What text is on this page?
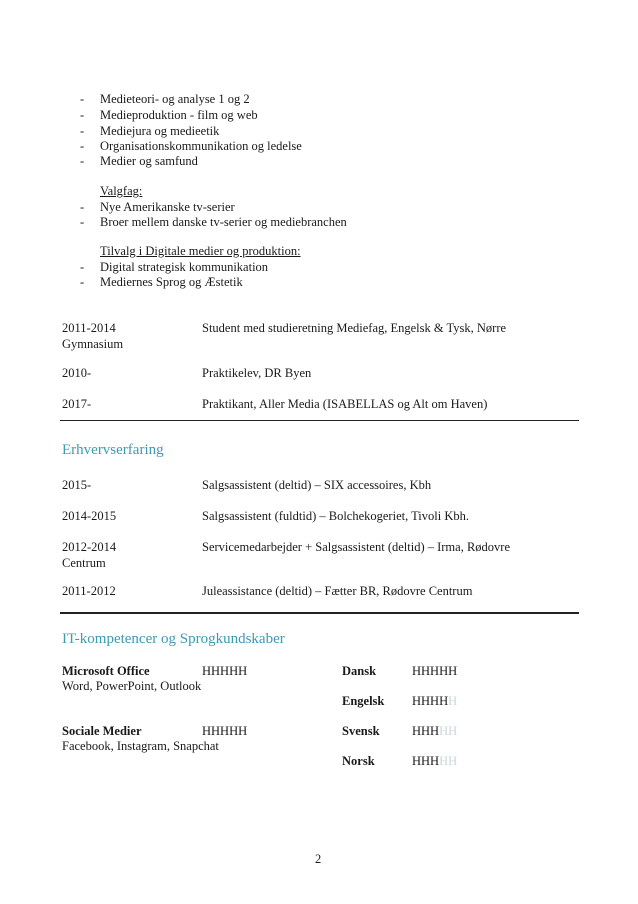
- Medieteori- og analyse 1 og 2
- Medieproduktion - film og web
- Mediejura og medieetik
- Organisationskommunikation og ledelse
- Medier og samfund
Valgfag:
- Nye Amerikanske tv-serier
- Broer mellem danske tv-serier og mediebranchen
Tilvalg i Digitale medier og produktion:
- Digital strategisk kommunikation
- Mediernes Sprog og Æstetik
2011-2014	Student med studieretning Mediefag, Engelsk & Tysk, Nørre
Gymnasium
2010-	Praktikelev, DR Byen
2017-	Praktikant, Aller Media (ISABELLAS og Alt om Haven)
Erhvervserfaring
2015-	Salgsassistent (deltid) – SIX accessoires, Kbh
2014-2015	Salgsassistent (fuldtid) – Bolchekogeriet, Tivoli Kbh.
2012-2014	Servicemedarbejder + Salgsassistent (deltid) – Irma, Rødovre
Centrum
2011-2012	Juleassistance (deltid) – Fætter BR, Rødovre Centrum
IT-kompetencer og Sprogkundskaber
Microsoft Office	HHHHH
Word, PowerPoint, Outlook
Sociale Medier	HHHHH
Facebook, Instagram, Snapchat
Dansk	HHHHH
Engelsk HHHHH
Svensk	HHHHH
Norsk	HHHHH
2
